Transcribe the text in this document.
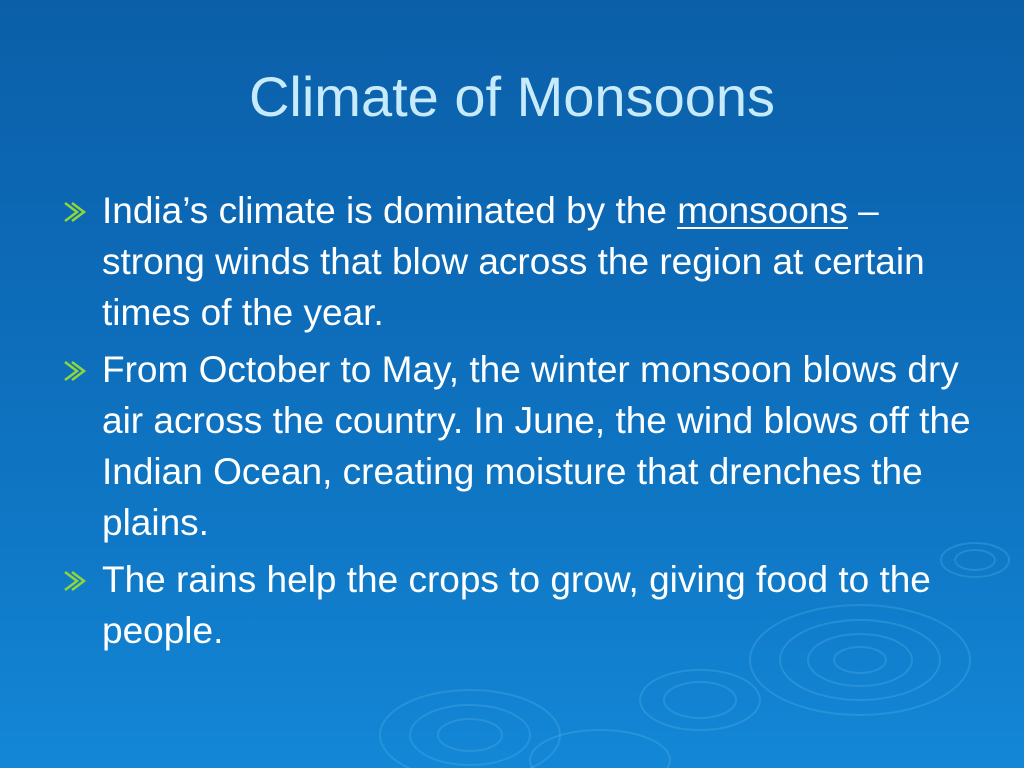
Climate of Monsoons
India’s climate is dominated by the monsoons – strong winds that blow across the region at certain times of the year.
From October to May, the winter monsoon blows dry air across the country. In June, the wind blows off the Indian Ocean, creating moisture that drenches the plains.
The rains help the crops to grow, giving food to the people.
